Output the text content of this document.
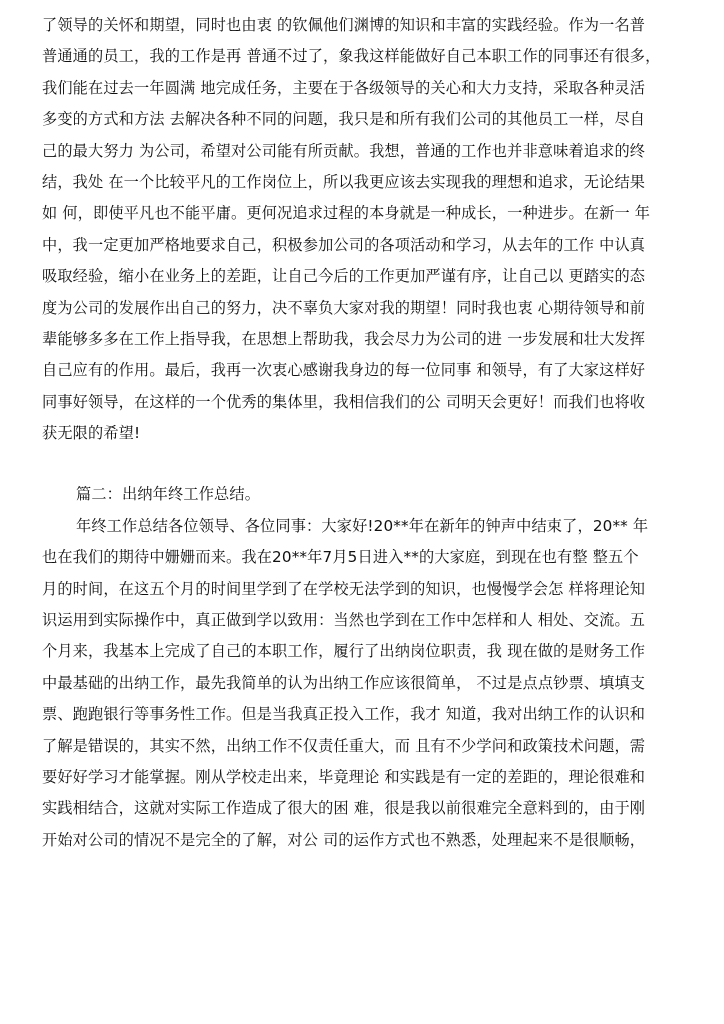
了领导的关怀和期望，同时也由衷 的钦佩他们渊博的知识和丰富的实践经验。作为一名普
普通通的员工，我的工作是再 普通不过了，象我这样能做好自己本职工作的同事还有很多，
我们能在过去一年圆满 地完成任务，主要在于各级领导的关心和大力支持，采取各种灵活
多变的方式和方法 去解决各种不同的问题，我只是和所有我们公司的其他员工一样，尽自
己的最大努力 为公司，希望对公司能有所贡献。我想，普通的工作也并非意味着追求的终
结，我处 在一个比较平凡的工作岗位上，所以我更应该去实现我的理想和追求，无论结果
如 何，即使平凡也不能平庸。更何况追求过程的本身就是一种成长，一种进步。在新一 年
中，我一定更加严格地要求自己，积极参加公司的各项活动和学习，从去年的工作 中认真
吸取经验，缩小在业务上的差距，让自己今后的工作更加严谨有序，让自己以 更踏实的态
度为公司的发展作出自己的努力，决不辜负大家对我的期望！同时我也衷 心期待领导和前
辈能够多多在工作上指导我，在思想上帮助我，我会尽力为公司的进 一步发展和壮大发挥
自己应有的作用。最后，我再一次衷心感谢我身边的每一位同事 和领导，有了大家这样好
同事好领导，在这样的一个优秀的集体里，我相信我们的公 司明天会更好！而我们也将收
获无限的希望!
篇二：出纳年终工作总结。
年终工作总结各位领导、各位同事：大家好!20**年在新年的钟声中结束了，20** 年
也在我们的期待中姗姗而来。我在20**年7月5日进入**的大家庭，到现在也有整 整五个
月的时间，在这五个月的时间里学到了在学校无法学到的知识，也慢慢学会怎 样将理论知
识运用到实际操作中，真正做到学以致用：当然也学到在工作中怎样和人 相处、交流。五
个月来，我基本上完成了自己的本职工作，履行了出纳岗位职责，我 现在做的是财务工作
中最基础的出纳工作，最先我简单的认为出纳工作应该很简单， 不过是点点钞票、填填支
票、跑跑银行等事务性工作。但是当我真正投入工作，我才 知道，我对出纳工作的认识和
了解是错误的，其实不然，出纳工作不仅责任重大，而 且有不少学问和政策技术问题，需
要好好学习才能掌握。刚从学校走出来，毕竟理论 和实践是有一定的差距的，理论很难和
实践相结合，这就对实际工作造成了很大的困 难，很是我以前很难完全意料到的，由于刚
开始对公司的情况不是完全的了解，对公 司的运作方式也不熟悉，处理起来不是很顺畅，
